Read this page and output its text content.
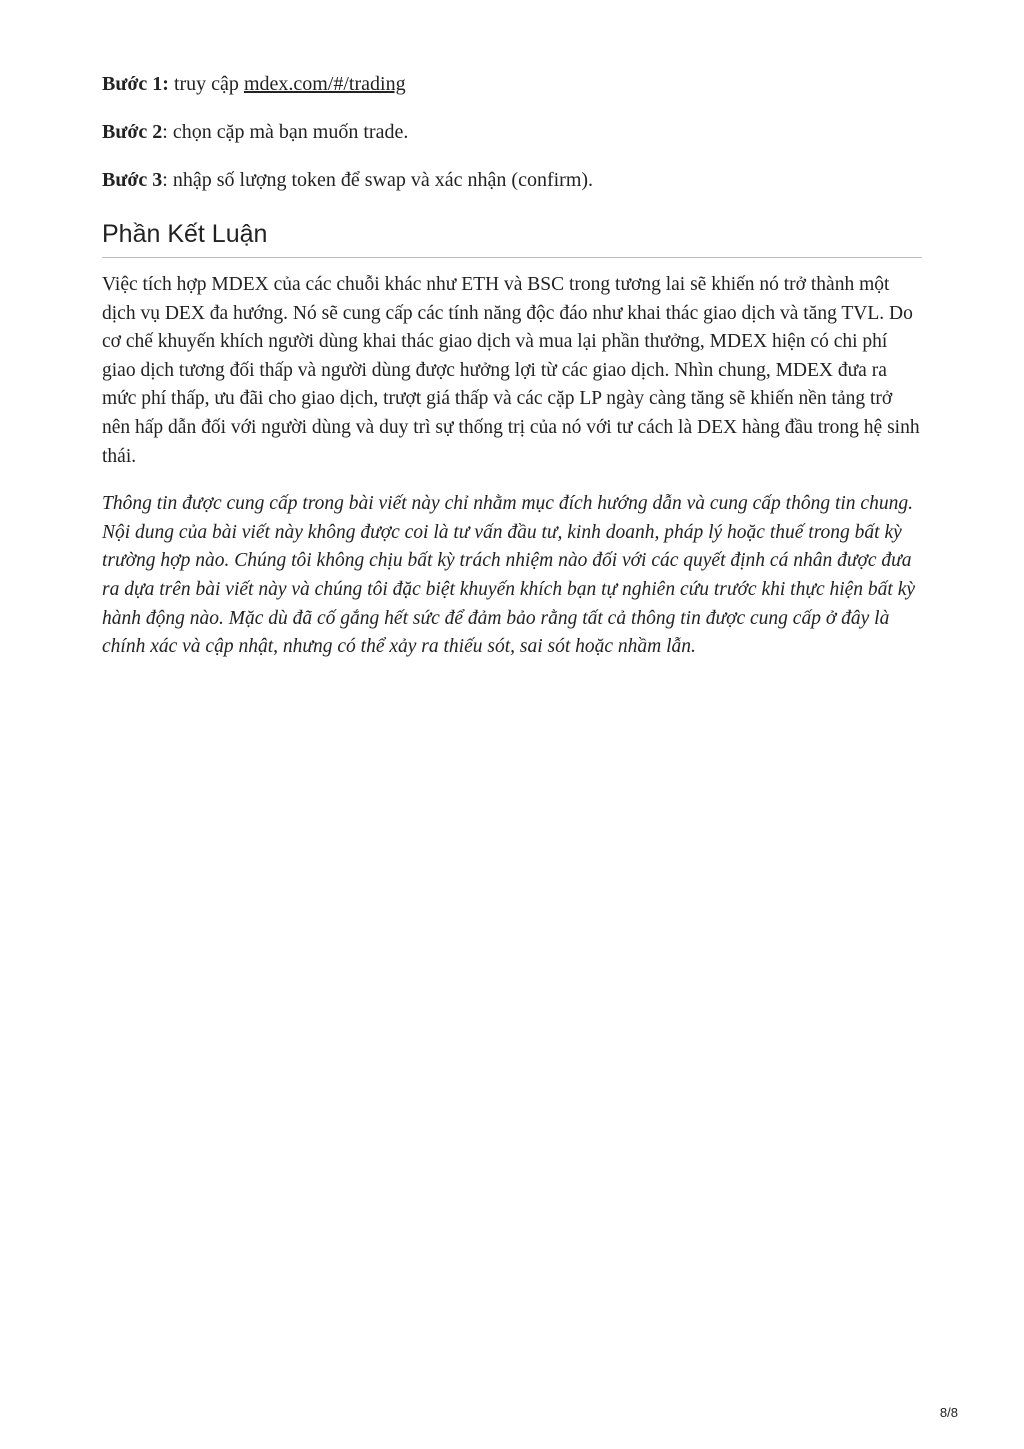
Bước 1: truy cập mdex.com/#/trading

Bước 2: chọn cặp mà bạn muốn trade.

Bước 3: nhập số lượng token để swap và xác nhận (confirm).

Phần Kết Luận

Việc tích hợp MDEX của các chuỗi khác như ETH và BSC trong tương lai sẽ khiến nó trở thành một dịch vụ DEX đa hướng. Nó sẽ cung cấp các tính năng độc đáo như khai thác giao dịch và tăng TVL. Do cơ chế khuyến khích người dùng khai thác giao dịch và mua lại phần thưởng, MDEX hiện có chi phí giao dịch tương đối thấp và người dùng được hưởng lợi từ các giao dịch. Nhìn chung, MDEX đưa ra mức phí thấp, ưu đãi cho giao dịch, trượt giá thấp và các cặp LP ngày càng tăng sẽ khiến nền tảng trở nên hấp dẫn đối với người dùng và duy trì sự thống trị của nó với tư cách là DEX hàng đầu trong hệ sinh thái.

Thông tin được cung cấp trong bài viết này chỉ nhằm mục đích hướng dẫn và cung cấp thông tin chung. Nội dung của bài viết này không được coi là tư vấn đầu tư, kinh doanh, pháp lý hoặc thuế trong bất kỳ trường hợp nào. Chúng tôi không chịu bất kỳ trách nhiệm nào đối với các quyết định cá nhân được đưa ra dựa trên bài viết này và chúng tôi đặc biệt khuyến khích bạn tự nghiên cứu trước khi thực hiện bất kỳ hành động nào. Mặc dù đã cố gắng hết sức để đảm bảo rằng tất cả thông tin được cung cấp ở đây là chính xác và cập nhật, nhưng có thể xảy ra thiếu sót, sai sót hoặc nhầm lẫn.

8/8
